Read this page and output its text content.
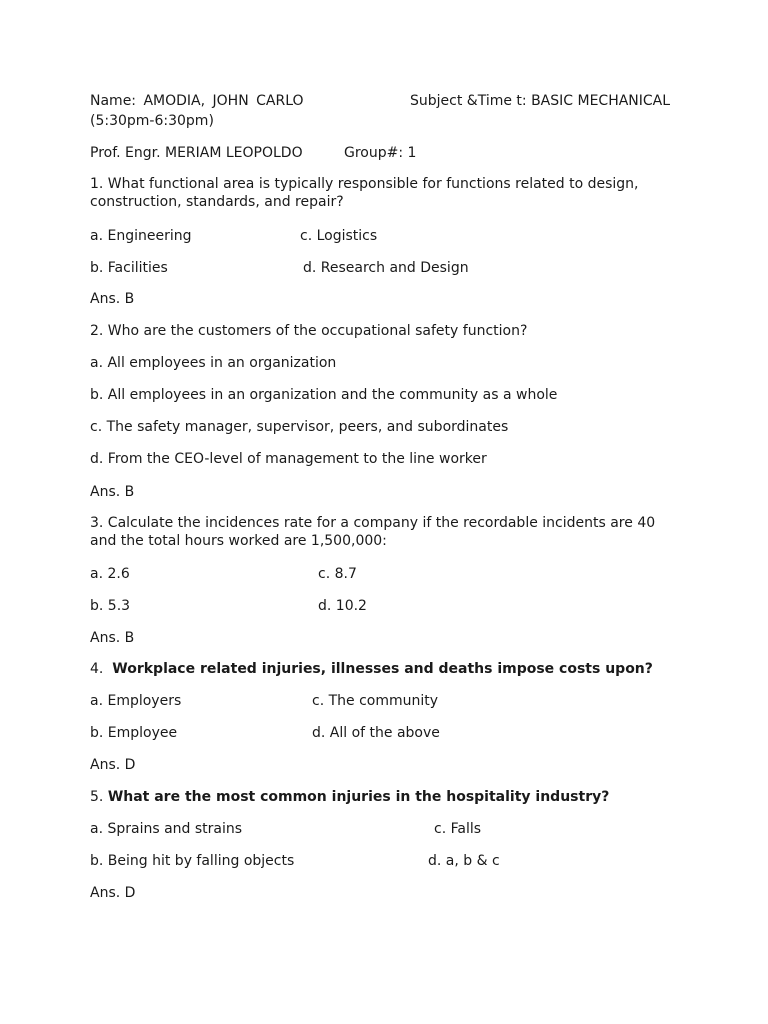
Name: AMODIA, JOHN CARLO	Subject &Time t: BASIC MECHANICAL
(5:30pm-6:30pm)
Prof. Engr. MERIAM LEOPOLDO	Group#: 1
1. What functional area is typically responsible for functions related to design, construction, standards, and repair?
a. Engineering	c. Logistics
b. Facilities	d. Research and Design
Ans. B
2. Who are the customers of the occupational safety function?
a. All employees in an organization
b. All employees in an organization and the community as a whole
c. The safety manager, supervisor, peers, and subordinates
d. From the CEO-level of management to the line worker
Ans. B
3. Calculate the incidences rate for a company if the recordable incidents are 40 and the total hours worked are 1,500,000:
a. 2.6	c. 8.7
b. 5.3	d. 10.2
Ans. B
4. Workplace related injuries, illnesses and deaths impose costs upon?
a. Employers	c. The community
b. Employee	d. All of the above
Ans. D
5. What are the most common injuries in the hospitality industry?
a. Sprains and strains	c. Falls
b. Being hit by falling objects	d. a, b & c
Ans. D
